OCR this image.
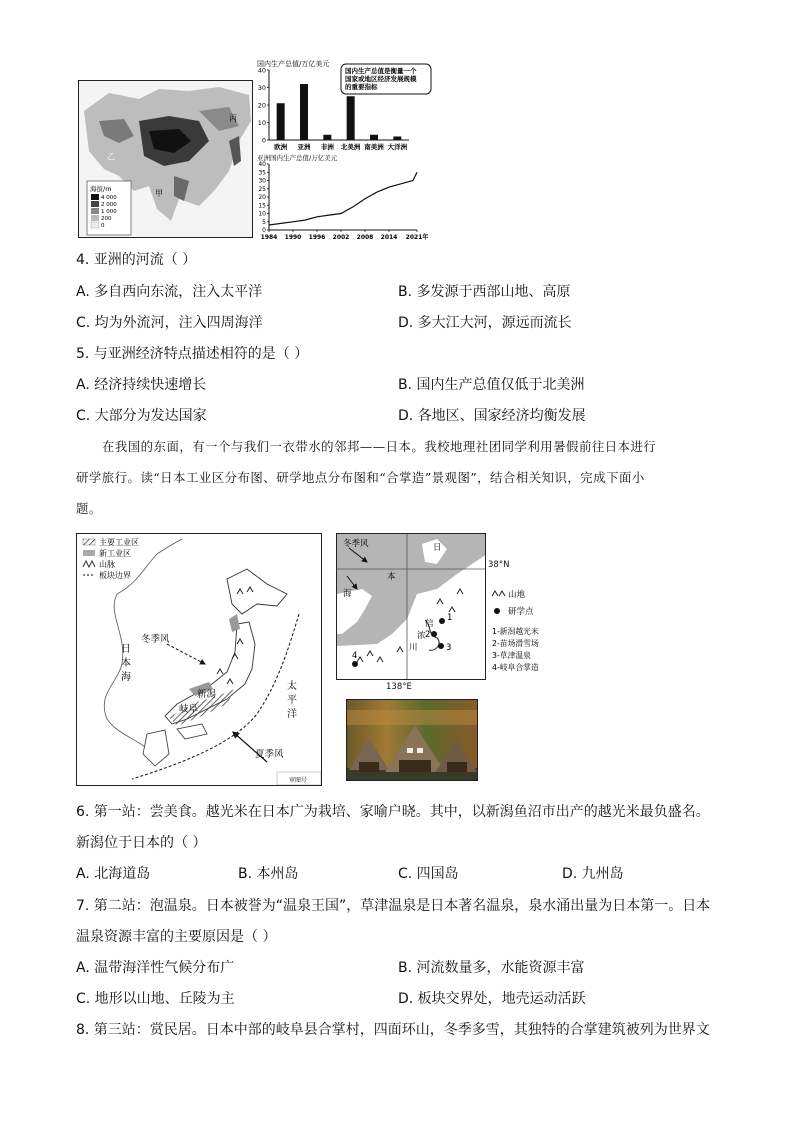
海拔/m
4 000
2 000
1 000
200
0
乙
甲
丙
国内生产总值/万亿美元
国内生产总值是衡量一个
国家或地区经济发展规模
的重要指标
40
30
20
10
0
欧洲 亚洲 非洲 北美洲 南美洲 大洋洲
亚洲国内生产总值/万亿美元
40
35
30
25
20
15
10
5
0
1984 1990 1996 2002 2008 2014 2021年
4. 亚洲的河流（ ）
A. 多自西向东流，注入太平洋	B. 多发源于西部山地、高原
C. 均为外流河，注入四周海洋	D. 多大江大河，源远而流长
5. 与亚洲经济特点描述相符的是（ ）
A. 经济持续快速增长	B. 国内生产总值仅低于北美洲
C. 大部分为发达国家	D. 各地区、国家经济均衡发展
在我国的东面，有一个与我们一衣带水的邻邦——日本。我校地理社团同学利用暑假前往日本进行
研学旅行。读“日本工业区分布图、研学地点分布图和“合掌造”景观图”，结合相关知识，完成下面小
题。
主要工业区
新工业区
山脉
板块边界
日
本
海
冬季风
夏季风
太
平
洋
新潟
岐阜
审图号
冬季风	日
本
海
信
浓
川
1
2
3
4
38°N
138°E
山地
研学点
1-新潟越光米
2-苗场滑雪场
3-草津温泉
4-岐阜合掌造
6. 第一站：尝美食。越光米在日本广为栽培、家喻户晓。其中，以新潟鱼沼市出产的越光米最负盛名。
新潟位于日本的（ ）
A. 北海道岛	B. 本州岛	C. 四国岛	D. 九州岛
7. 第二站：泡温泉。日本被誉为“温泉王国”，草津温泉是日本著名温泉，泉水涌出量为日本第一。日本
温泉资源丰富的主要原因是（ ）
A. 温带海洋性气候分布广	B. 河流数量多，水能资源丰富
C. 地形以山地、丘陵为主	D. 板块交界处，地壳运动活跃
8. 第三站：赏民居。日本中部的岐阜县合掌村，四面环山，冬季多雪，其独特的合掌建筑被列为世界文
